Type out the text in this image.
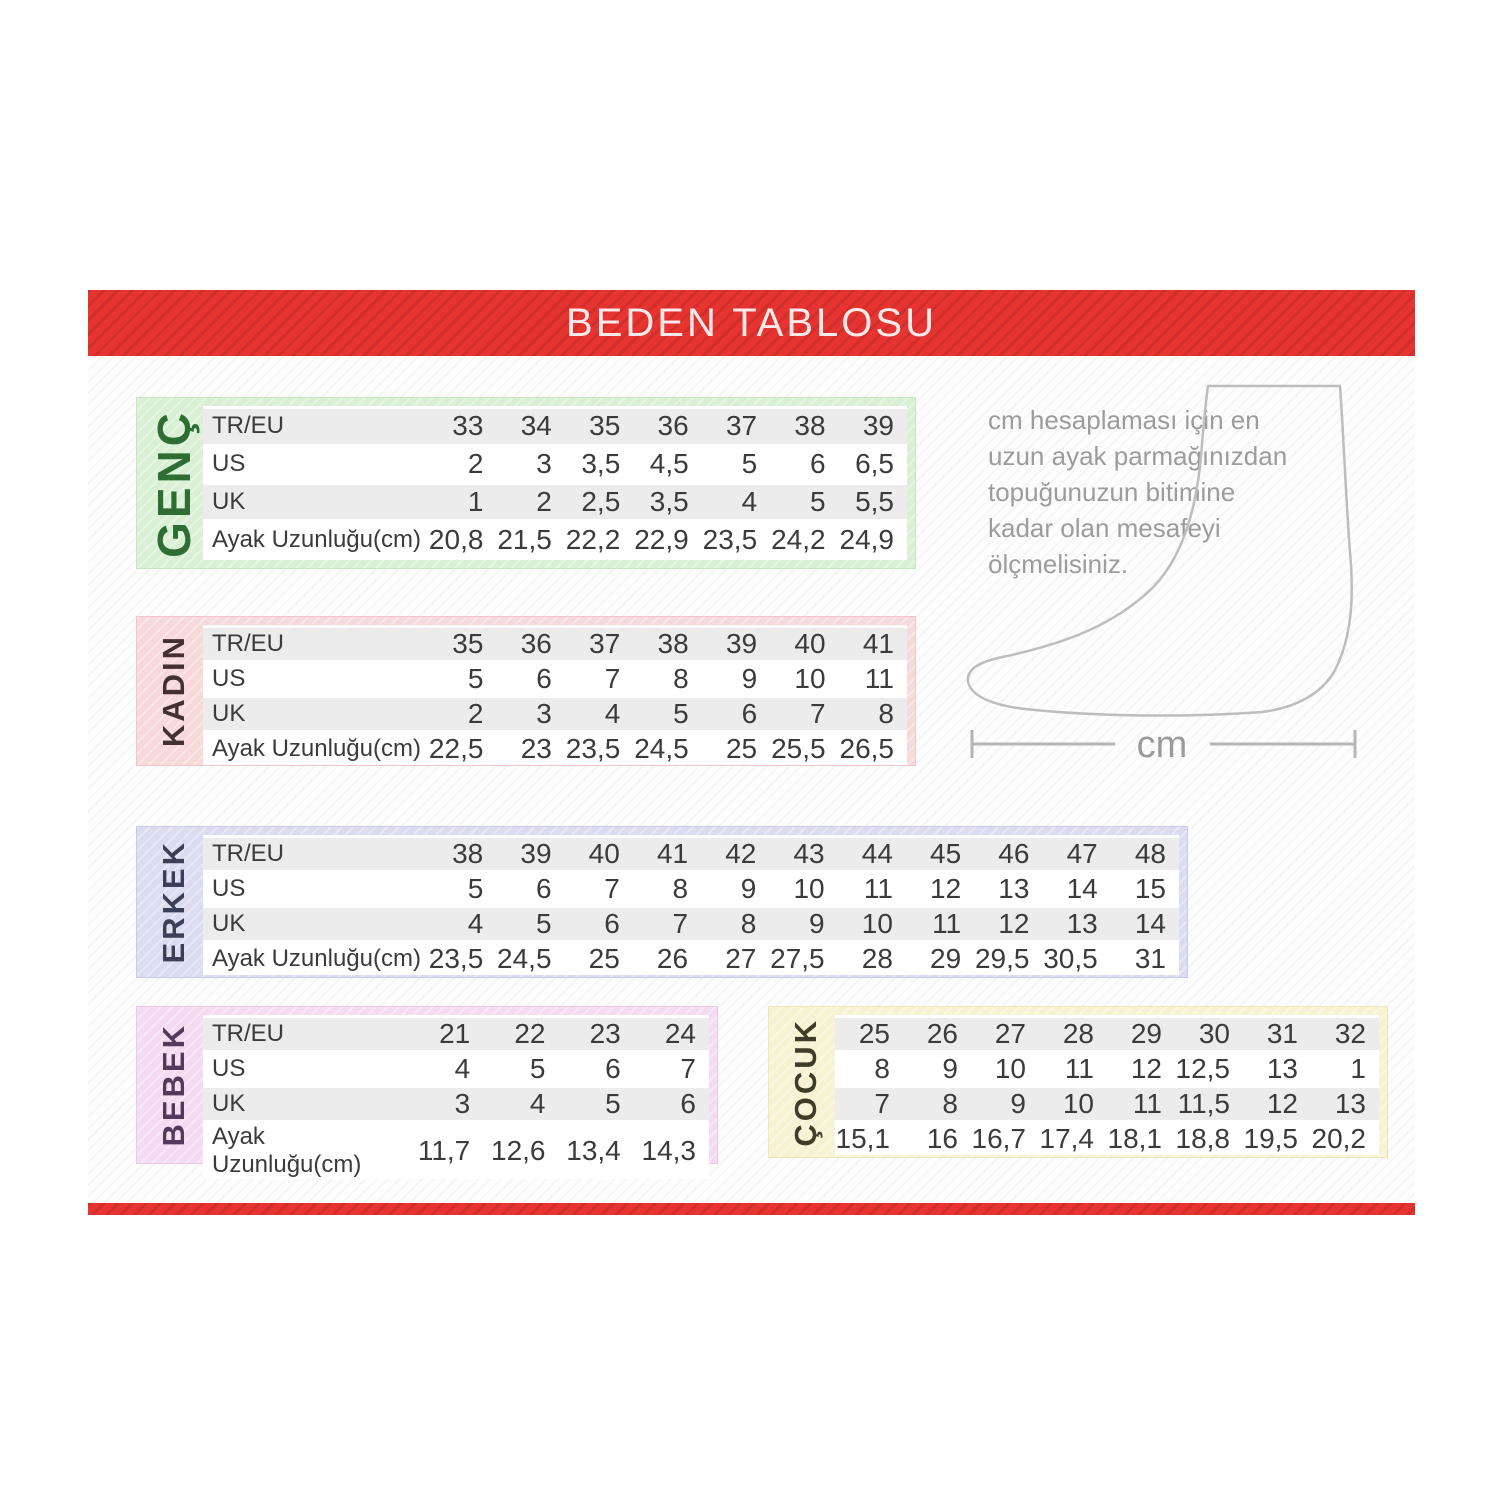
BEDEN TABLOSU
GENÇ TR/EU	33	34	35	36	37	38	39
US	2	3	3,5	4,5	5	6	6,5
UK	1	2	2,5	3,5	4	5	5,5
Ayak Uzunluğu(cm) 20,8 21,5 22,2 22,9 23,5 24,2 24,9
KADIN TR/EU	35	36	37	38	39	40	41
US	5	6	7	8	9	10	11
UK	2	3	4	5	6	7	8
Ayak Uzunluğu(cm) 22,5	23 23,5 24,5	25 25,5 26,5
ERKEK TR/EU	38	39	40	41	42	43	44	45	46	47	48
US	5	6	7	8	9	10	11	12	13	14	15
UK	4	5	6	7	8	9	10	11	12	13	14
Ayak Uzunluğu(cm) 23,5 24,5	25	26	27 27,5	28	29 29,5 30,5	31
BEBEK TR/EU	21	22	23	24
US	4	5	6	7
UK	3	4	5	6
Ayak Uzunluğu(cm)	11,7 12,6 13,4 14,3
ÇOCUK	25	26	27	28	29	30	31	32
8	9	10	11	12 12,5	13	1
7	8	9	10	11 11,5	12	13
15,1	16 16,7 17,4 18,1 18,8 19,5 20,2
cm hesaplaması için en
uzun ayak parmağınızdan
topuğunuzun bitimine
kadar olan mesafeyi
ölçmelisiniz.
cm
